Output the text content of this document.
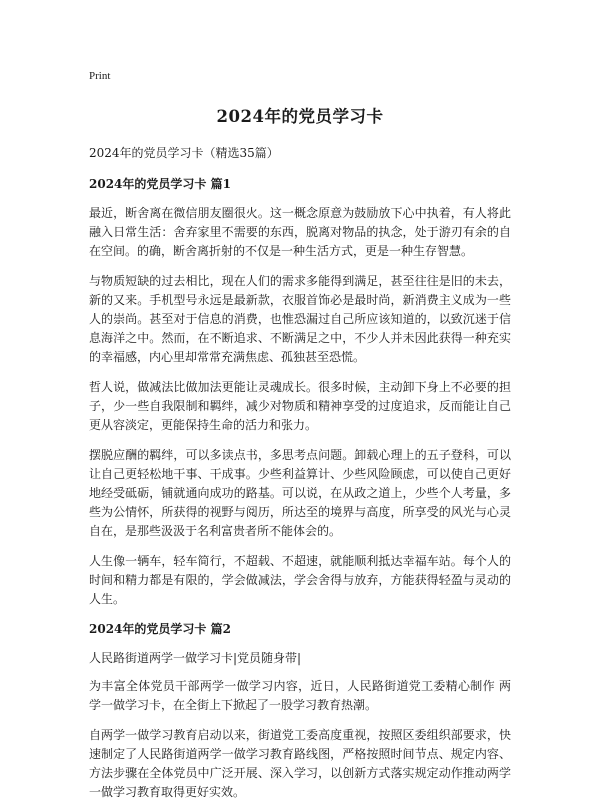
Print
2024年的党员学习卡
2024年的党员学习卡（精选35篇）
2024年的党员学习卡 篇1

最近，断舍离在微信朋友圈很火。这一概念原意为鼓励放下心中执着，有人将此融入日常生活：舍弃家里不需要的东西，脱离对物品的执念，处于游刃有余的自在空间。的确，断舍离折射的不仅是一种生活方式，更是一种生存智慧。

与物质短缺的过去相比，现在人们的需求多能得到满足，甚至往往是旧的未去，新的又来。手机型号永远是最新款，衣服首饰必是最时尚，新消费主义成为一些人的崇尚。甚至对于信息的消费，也惟恐漏过自己所应该知道的，以致沉迷于信息海洋之中。然而，在不断追求、不断满足之中，不少人并未因此获得一种充实的幸福感，内心里却常常充满焦虑、孤独甚至恐慌。

哲人说，做减法比做加法更能让灵魂成长。很多时候，主动卸下身上不必要的担子，少一些自我限制和羁绊，减少对物质和精神享受的过度追求，反而能让自己更从容淡定，更能保持生命的活力和张力。

摆脱应酬的羁绊，可以多读点书，多思考点问题。卸载心理上的五子登科，可以让自己更轻松地干事、干成事。少些利益算计、少些风险顾虑，可以使自己更好地经受砥砺，铺就通向成功的路基。可以说，在从政之道上，少些个人考量，多些为公情怀，所获得的视野与阅历，所达至的境界与高度，所享受的风光与心灵自在，是那些汲汲于名利富贵者所不能体会的。

人生像一辆车，轻车简行，不超载、不超速，就能顺利抵达幸福车站。每个人的时间和精力都是有限的，学会做减法，学会舍得与放弃，方能获得轻盈与灵动的人生。

2024年的党员学习卡 篇2

人民路街道两学一做学习卡|党员随身带|

为丰富全体党员干部两学一做学习内容，近日，人民路街道党工委精心制作 两学一做学习卡，在全街上下掀起了一股学习教育热潮。

自两学一做学习教育启动以来，街道党工委高度重视，按照区委组织部要求，快速制定了人民路街道两学一做学习教育路线图，严格按照时间节点、规定内容、方法步骤在全体党员中广泛开展、深入学习，以创新方式落实规定动作推动两学一做学习教育取得更好实效。
